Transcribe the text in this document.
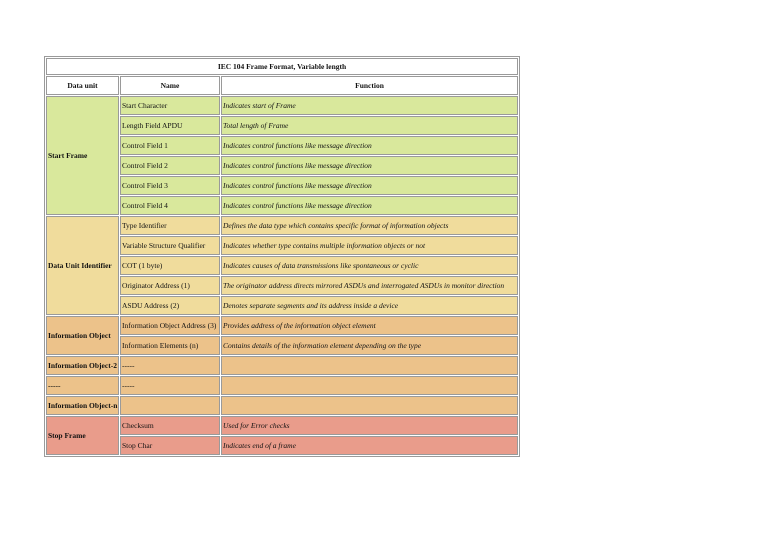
IEC 104 Frame Format, Variable length		
Data unit	Name	Function
Start Frame	Start Character	Indicates start of Frame
	Length Field APDU	Total length of Frame
	Control Field 1	Indicates control functions like message direction
	Control Field 2	Indicates control functions like message direction
	Control Field 3	Indicates control functions like message direction
	Control Field 4	Indicates control functions like message direction
Data Unit Identifier	Type Identifier	Defines the data type which contains specific format of information objects
	Variable Structure Qualifier	Indicates whether type contains multiple information objects or not
	COT (1 byte)	Indicates causes of data transmissions like spontaneous or cyclic
	Originator Address (1)	The originator address directs mirrored ASDUs and interrogated ASDUs in monitor direction
	ASDU Address (2)	Denotes separate segments and its address inside a device
Information Object	Information Object Address (3)	Provides address of the information object element
	Information Elements (n)	Contains details of the information element depending on the type
Information Object-2	-----	
-----	-----	
Information Object-n		
Stop Frame	Checksum	Used for Error checks
	Stop Char	Indicates end of a frame
